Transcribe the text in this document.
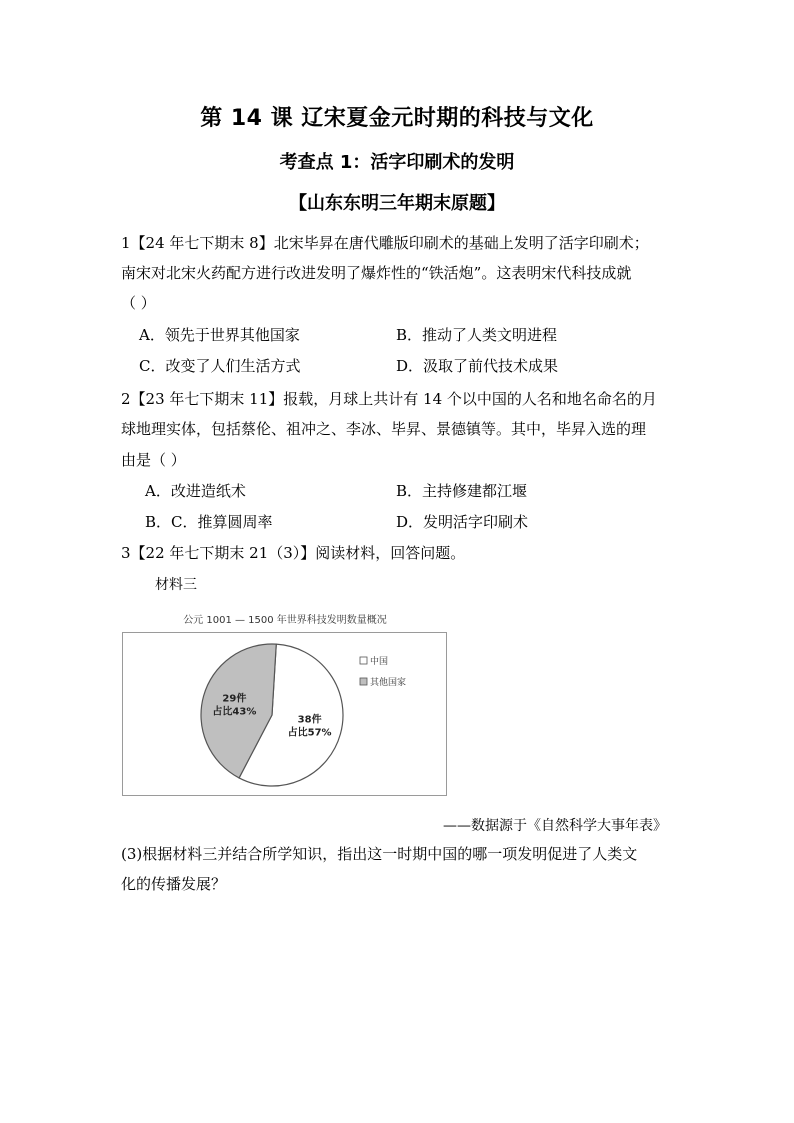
第 14 课 辽宋夏金元时期的科技与文化
考查点 1：活字印刷术的发明
【山东东明三年期末原题】
1【24 年七下期末 8】北宋毕昇在唐代雕版印刷术的基础上发明了活字印刷术；
南宋对北宋火药配方进行改进发明了爆炸性的“铁活炮”。这表明宋代科技成就
（ ）
A．领先于世界其他国家	B．推动了人类文明进程
C．改变了人们生活方式	D．汲取了前代技术成果
2【23 年七下期末 11】报载，月球上共计有 14 个以中国的人名和地名命名的月
球地理实体，包括蔡伦、祖冲之、李冰、毕昇、景德镇等。其中，毕昇入选的理
由是（ ）
A．改进造纸术	B．主持修建都江堰
B．C．推算圆周率	D．发明活字印刷术
3【22 年七下期末 21（3）】阅读材料，回答问题。
材料三
公元 1001 — 1500 年世界科技发明数量概况
38件
占比57%
29件
占比43%
中国
其他国家
——数据源于《自然科学大事年表》
(3)根据材料三并结合所学知识，指出这一时期中国的哪一项发明促进了人类文
化的传播发展？
